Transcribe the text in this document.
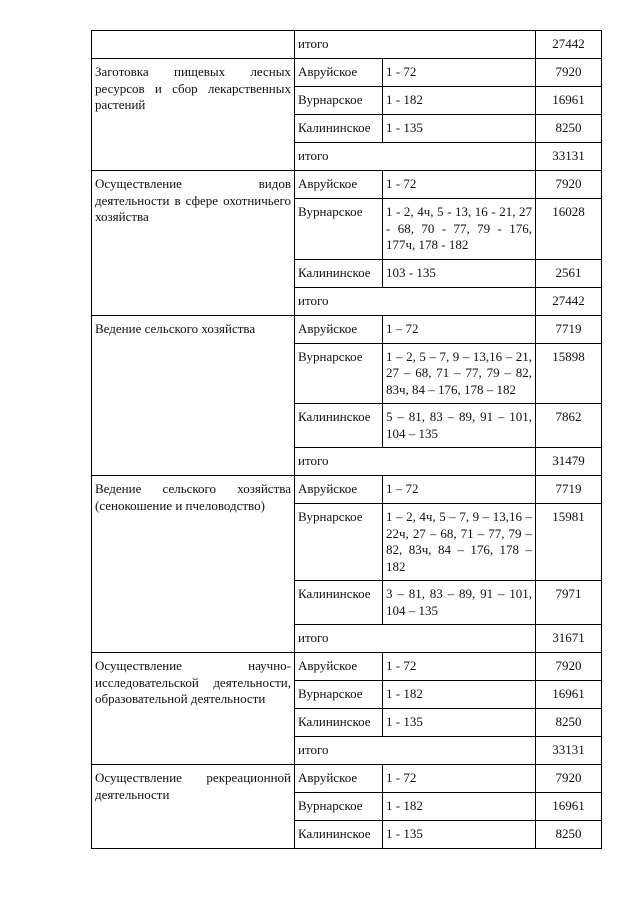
	итого		27442
Заготовка пищевых лесных ресурсов и сбор лекарственных растений	Авруйское	1 - 72	7920
	Вурнарское	1 - 182	16961
	Калининское	1 - 135	8250
	итого		33131
Осуществление видов деятельности в сфере охотничьего хозяйства	Авруйское	1 - 72	7920
	Вурнарское	1 - 2, 4ч, 5 - 13, 16 - 21, 27 - 68, 70 - 77, 79 - 176, 177ч, 178 - 182	16028
	Калининское	103 - 135	2561
	итого		27442
Ведение сельского хозяйства	Авруйское	1 – 72	7719
	Вурнарское	1 – 2, 5 – 7, 9 – 13,16 – 21, 27 – 68, 71 – 77, 79 – 82, 83ч, 84 – 176, 178 – 182	15898
	Калининское	5 – 81, 83 – 89, 91 – 101, 104 – 135	7862
	итого		31479
Ведение сельского хозяйства (сенокошение и пчеловодство)	Авруйское	1 – 72	7719
	Вурнарское	1 – 2, 4ч, 5 – 7, 9 – 13,16 – 22ч, 27 – 68, 71 – 77, 79 – 82, 83ч, 84 – 176, 178 – 182	15981
	Калининское	3 – 81, 83 – 89, 91 – 101, 104 – 135	7971
	итого		31671
Осуществление научно-исследовательской деятельности, образовательной деятельности	Авруйское	1 - 72	7920
	Вурнарское	1 - 182	16961
	Калининское	1 - 135	8250
	итого		33131
Осуществление рекреационной деятельности	Авруйское	1 - 72	7920
	Вурнарское	1 - 182	16961
	Калининское	1 - 135	8250
